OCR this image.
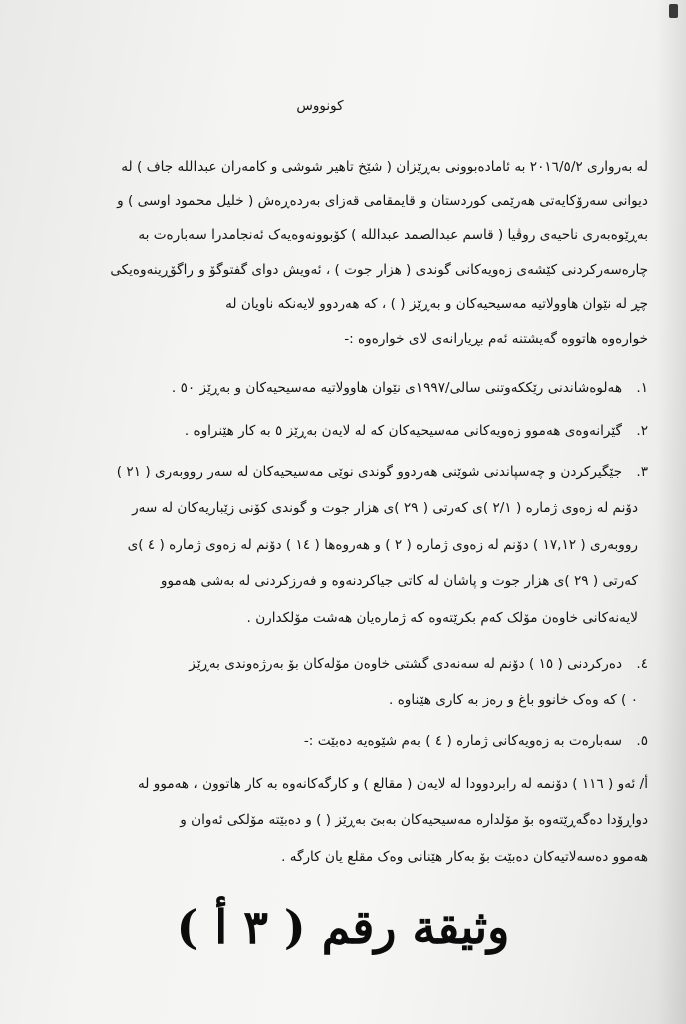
كونووس
لە بەرواری ٢٠١٦/٥/٢ بە ئامادەبوونی بەڕێزان ( شێخ تاهیر شوشی و کامەران عبداللە جاف ) لە
دیوانی سەرۆکایەتی هەرێمی کوردستان و قایمقامی قەزای بەردەڕەش ( خلیل محمود اوسی ) و
بەڕێوەبەری ناحیەی روڤیا ( قاسم عبدالصمد عبداللە ) کۆبوونەوەیەک ئەنجامدرا سەبارەت بە
چارەسەرکردنی کێشەی زەویەکانی گوندی ( هزار جوت ) ، ئەویش دوای گفتوگۆ و راگۆڕینەوەیکی
چڕ لە نێوان هاوولاتیە مەسیحیەکان و بەڕێز ( ) ، کە هەردوو لایەنکە ناویان لە
خوارەوە هاتووە گەیشتنە ئەم بڕیارانەی لای خوارەوە :-
١.
هەلوەشاندنی رێککەوتنی سالی/١٩٩٧ی نێوان هاوولاتیە مەسیحیەکان و بەڕێز ٥٠ .
٢.
گێرانەوەی هەموو زەویەکانی مەسیحیەکان کە لە لایەن بەڕێز ٥ بە کار هێنراوە .
٣.
جێگیرکردن و چەسپاندنی شوێنی هەردوو گوندی نوێی مەسیحیەکان لە سەر رووبەری ( ٢١ )
دۆنم لە زەوی ژمارە ( ٢/١ )ی کەرتی ( ٢٩ )ی هزار جوت و گوندی کۆنی زێباریەکان لە سەر
رووبەری ( ١٧,١٢ ) دۆنم لە زەوی ژمارە ( ٢ ) و هەروەها ( ١٤ ) دۆنم لە زەوی ژمارە ( ٤ )ی
کەرتی ( ٢٩ )ی هزار جوت و پاشان لە کاتی جیاکردنەوە و فەرزکردنی لە بەشی هەموو
لایەنەکانی خاوەن مۆلک کەم بکرێتەوە کە ژمارەیان هەشت مۆلکدارن .
٤.
دەرکردنی ( ١٥ ) دۆنم لە سەنەدی گشتی خاوەن مۆلەکان بۆ بەرژەوندی بەڕێز
٠ ) کە وەک خانوو باغ و رەز بە کاری هێناوە .
٥.
سەبارەت بە زەویەکانی ژمارە ( ٤ ) بەم شێوەیە دەبێت :-
أ/ ئەو ( ١١٦ ) دۆنمە لە رابردوودا لە لایەن ( مقالع ) و کارگەکانەوە بە کار هاتوون ، هەموو لە
دواڕۆدا دەگەڕێتەوە بۆ مۆلدارە مەسیحیەکان بەبێ بەڕێز ( ) و دەبێتە مۆلکی ئەوان و
هەموو دەسەلاتیەکان دەبێت بۆ بەکار هێنانی وەک مقلع یان کارگە .
وثيقة رقم ( ٣ أ )
